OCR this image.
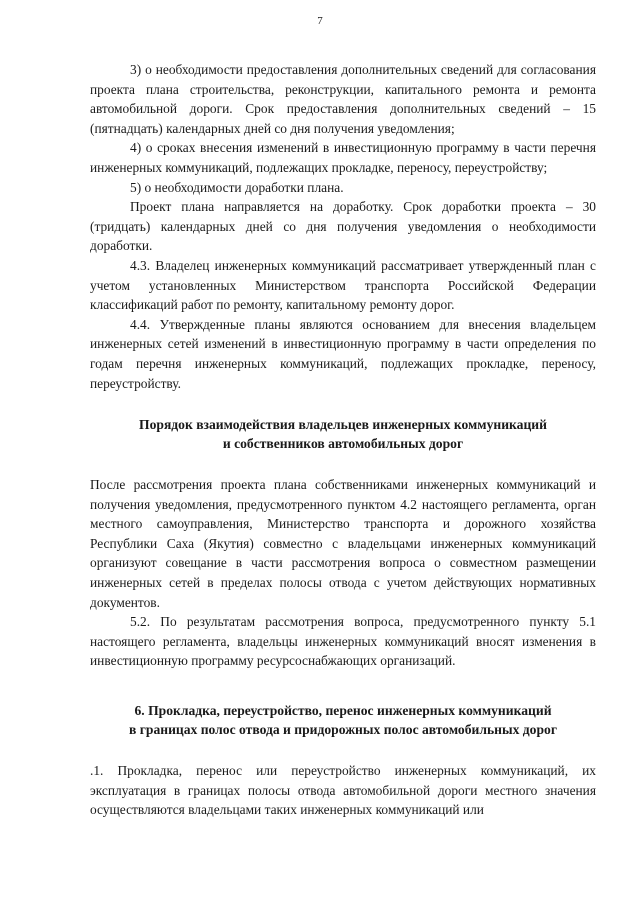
7

3) о необходимости предоставления дополнительных сведений для согласования проекта плана строительства, реконструкции, капитального ремонта и ремонта автомобильной дороги. Срок предоставления дополнительных сведений – 15 (пятнадцать) календарных дней со дня получения уведомления;

4) о сроках внесения изменений в инвестиционную программу в части перечня инженерных коммуникаций, подлежащих прокладке, переносу, переустройству;

5) о необходимости доработки плана.

Проект плана направляется на доработку. Срок доработки проекта – 30 (тридцать) календарных дней со дня получения уведомления о необходимости доработки.

4.3. Владелец инженерных коммуникаций рассматривает утвержденный план с учетом установленных Министерством транспорта Российской Федерации классификаций работ по ремонту, капитальному ремонту дорог.

4.4. Утвержденные планы являются основанием для внесения владельцем инженерных сетей изменений в инвестиционную программу в части определения по годам перечня инженерных коммуникаций, подлежащих прокладке, переносу, переустройству.

Порядок взаимодействия владельцев инженерных коммуникаций

и собственников автомобильных дорог

После рассмотрения проекта плана собственниками инженерных коммуникаций и получения уведомления, предусмотренного пунктом 4.2 настоящего регламента, орган местного самоуправления, Министерство транспорта и дорожного хозяйства Республики Саха (Якутия) совместно с владельцами инженерных коммуникаций организуют совещание в части рассмотрения вопроса о совместном размещении инженерных сетей в пределах полосы отвода с учетом действующих нормативных документов.

5.2. По результатам рассмотрения вопроса, предусмотренного пункту 5.1 настоящего регламента, владельцы инженерных коммуникаций вносят изменения в инвестиционную программу ресурсоснабжающих организаций.

6. Прокладка, переустройство, перенос инженерных коммуникаций

в границах полос отвода и придорожных полос автомобильных дорог

.1. Прокладка, перенос или переустройство инженерных коммуникаций, их эксплуатация в границах полосы отвода автомобильной дороги местного значения осуществляются владельцами таких инженерных коммуникаций или
